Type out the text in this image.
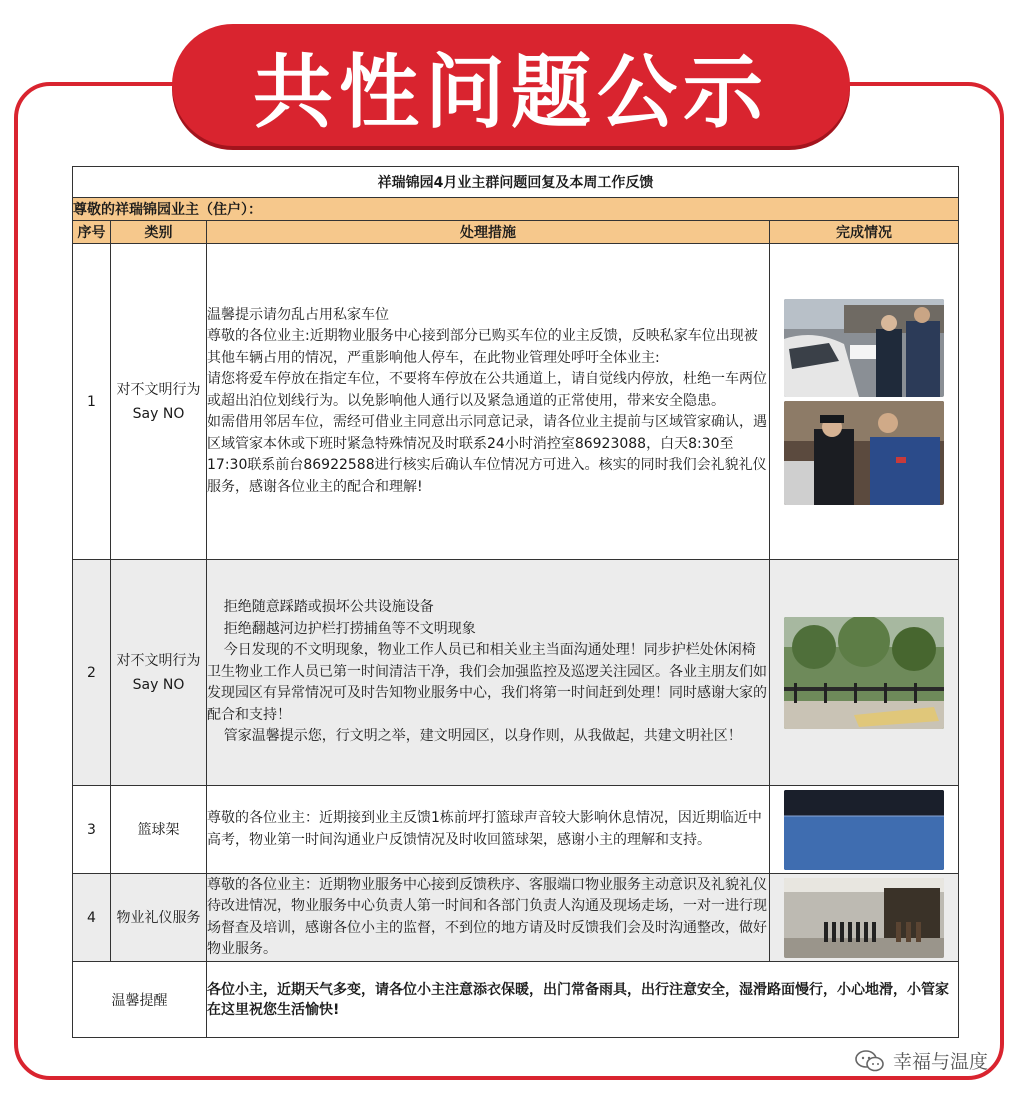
共性问题公示
祥瑞锦园4月业主群问题回复及本周工作反馈			
尊敬的祥瑞锦园业主（住户）：			
序号	类别	处理措施	完成情况
1	对不文明行为 Say NO	温馨提示请勿乱占用私家车位

尊敬的各位业主:近期物业服务中心接到部分已购买车位的业主反馈，反映私家车位出现被其他车辆占用的情况，严重影响他人停车，在此物业管理处呼吁全体业主:

请您将爱车停放在指定车位，不要将车停放在公共通道上，请自觉线内停放，杜绝一车两位或超出泊位划线行为。以免影响他人通行以及紧急通道的正常使用，带来安全隐患。

如需借用邻居车位，需经可借业主同意出示同意记录，请各位业主提前与区域管家确认，遇区域管家本休或下班时紧急特殊情况及时联系24小时消控室86923088，白天8:30至17:30联系前台86922588进行核实后确认车位情况方可进入。核实的同时我们会礼貌礼仪服务，感谢各位业主的配合和理解!

2	对不文明行为 Say NO	拒绝随意踩踏或损坏公共设施设备

拒绝翻越河边护栏打捞捕鱼等不文明现象

今日发现的不文明现象，物业工作人员已和相关业主当面沟通处理！同步护栏处休闲椅卫生物业工作人员已第一时间清洁干净，我们会加强监控及巡逻关注园区。各业主朋友们如发现园区有异常情况可及时告知物业服务中心，我们将第一时间赶到处理！同时感谢大家的配合和支持！

管家温馨提示您，行文明之举，建文明园区，以身作则，从我做起，共建文明社区！

3	篮球架	尊敬的各位业主：近期接到业主反馈1栋前坪打篮球声音较大影响休息情况，因近期临近中高考，物业第一时间沟通业户反馈情况及时收回篮球架，感谢小主的理解和支持。

4	物业礼仪服务	尊敬的各位业主：近期物业服务中心接到反馈秩序、客服端口物业服务主动意识及礼貌礼仪待改进情况，物业服务中心负责人第一时间和各部门负责人沟通及现场走场，一对一进行现场督查及培训，感谢各位小主的监督，不到位的地方请及时反馈我们会及时沟通整改，做好物业服务。

温馨提醒		各位小主，近期天气多变，请各位小主注意添衣保暖，出门常备雨具，出行注意安全，湿滑路面慢行，小心地滑，小管家在这里祝您生活愉快!	
幸福与温度
